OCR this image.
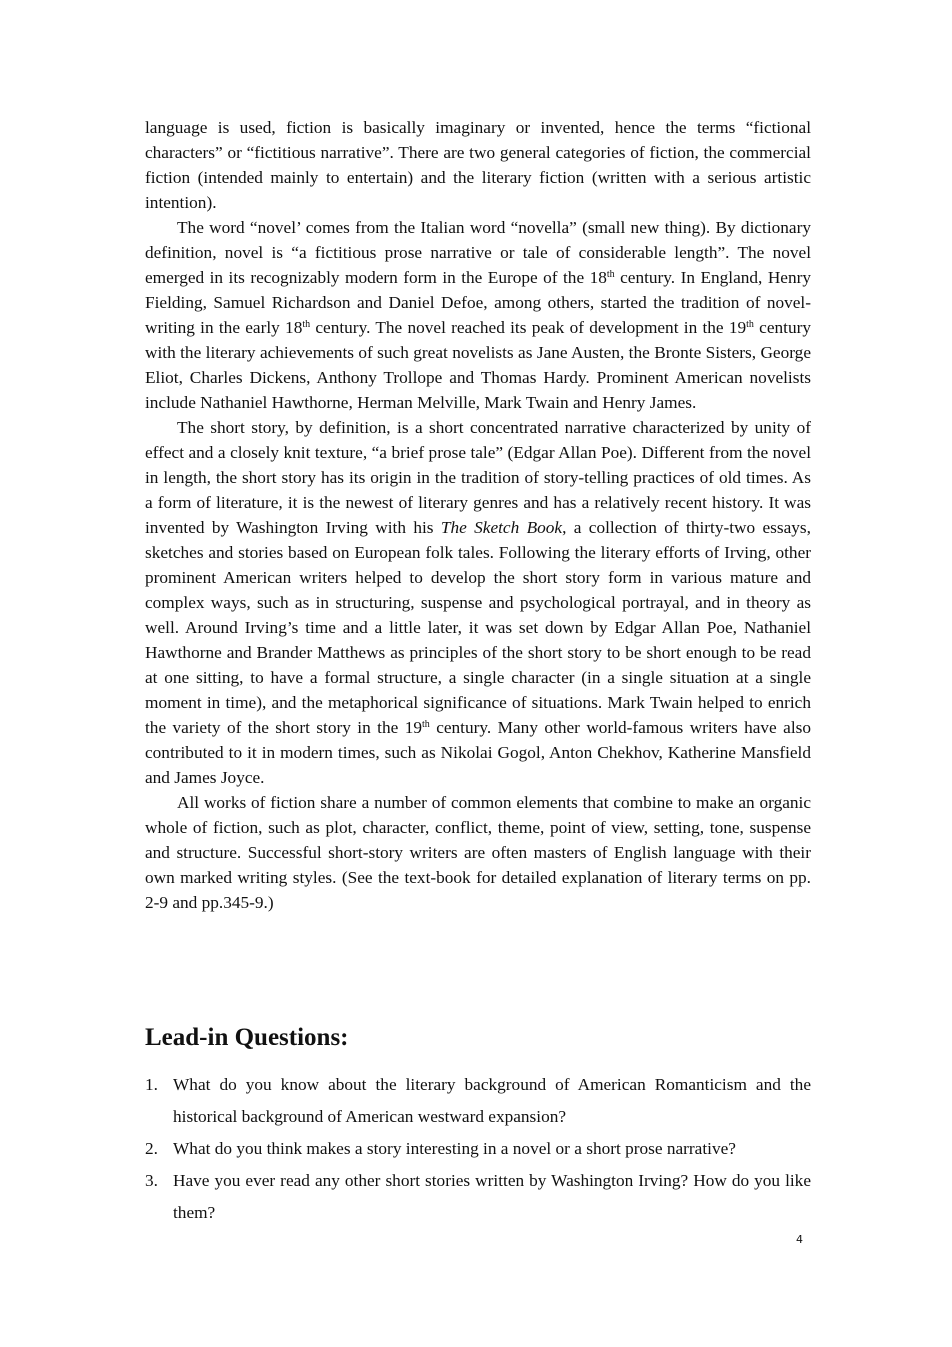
language is used, fiction is basically imaginary or invented, hence the terms “fictional characters” or “fictitious narrative”. There are two general categories of fiction, the commercial fiction (intended mainly to entertain) and the literary fiction (written with a serious artistic intention).

The word “novel’ comes from the Italian word “novella” (small new thing). By dictionary definition, novel is “a fictitious prose narrative or tale of considerable length”. The novel emerged in its recognizably modern form in the Europe of the 18th century. In England, Henry Fielding, Samuel Richardson and Daniel Defoe, among others, started the tradition of novel-writing in the early 18th century. The novel reached its peak of development in the 19th century with the literary achievements of such great novelists as Jane Austen, the Bronte Sisters, George Eliot, Charles Dickens, Anthony Trollope and Thomas Hardy. Prominent American novelists include Nathaniel Hawthorne, Herman Melville, Mark Twain and Henry James.

The short story, by definition, is a short concentrated narrative characterized by unity of effect and a closely knit texture, “a brief prose tale” (Edgar Allan Poe). Different from the novel in length, the short story has its origin in the tradition of story-telling practices of old times. As a form of literature, it is the newest of literary genres and has a relatively recent history. It was invented by Washington Irving with his The Sketch Book, a collection of thirty-two essays, sketches and stories based on European folk tales. Following the literary efforts of Irving, other prominent American writers helped to develop the short story form in various mature and complex ways, such as in structuring, suspense and psychological portrayal, and in theory as well. Around Irving’s time and a little later, it was set down by Edgar Allan Poe, Nathaniel Hawthorne and Brander Matthews as principles of the short story to be short enough to be read at one sitting, to have a formal structure, a single character (in a single situation at a single moment in time), and the metaphorical significance of situations. Mark Twain helped to enrich the variety of the short story in the 19th century. Many other world-famous writers have also contributed to it in modern times, such as Nikolai Gogol, Anton Chekhov, Katherine Mansfield and James Joyce.

All works of fiction share a number of common elements that combine to make an organic whole of fiction, such as plot, character, conflict, theme, point of view, setting, tone, suspense and structure. Successful short-story writers are often masters of English language with their own marked writing styles. (See the text-book for detailed explanation of literary terms on pp. 2-9 and pp.345-9.)

Lead-in Questions:
1. What do you know about the literary background of American Romanticism and the historical background of American westward expansion?
2. What do you think makes a story interesting in a novel or a short prose narrative?
3. Have you ever read any other short stories written by Washington Irving? How do you like them?
4
